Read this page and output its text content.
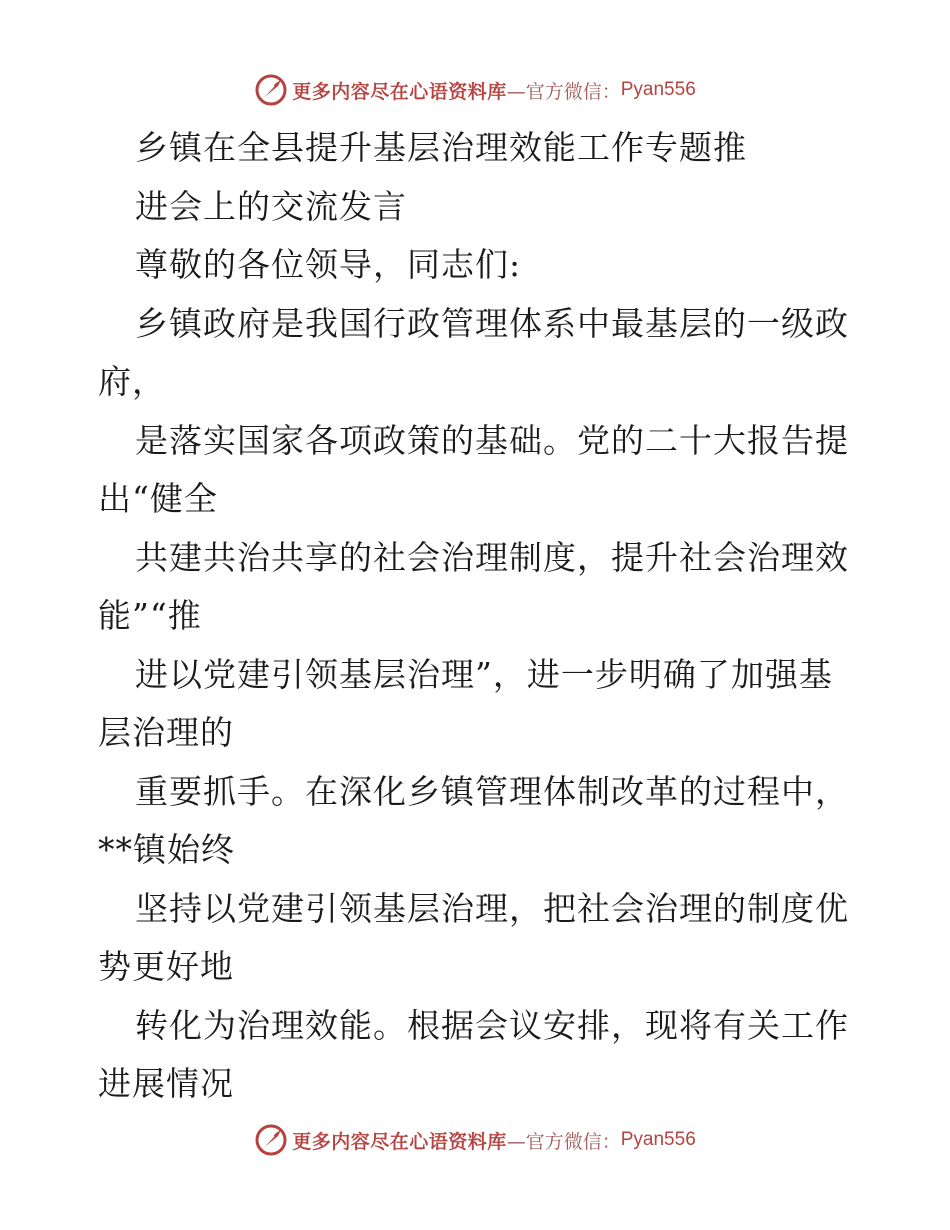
更多内容尽在心语资料库 —官方微信： Pyan556
乡镇在全县提升基层治理效能工作专题推
进会上的交流发言
尊敬的各位领导，同志们:
乡镇政府是我国行政管理体系中最基层的一级政
府，
是落实国家各项政策的基础。党的二十大报告提
出“健全
共建共治共享的社会治理制度，提升社会治理效
能”“推
进以党建引领基层治理”，进一步明确了加强基
层治理的
重要抓手。在深化乡镇管理体制改革的过程中，
**镇始终
坚持以党建引领基层治理，把社会治理的制度优
势更好地
转化为治理效能。根据会议安排，现将有关工作
进展情况
更多内容尽在心语资料库 —官方微信： Pyan556
